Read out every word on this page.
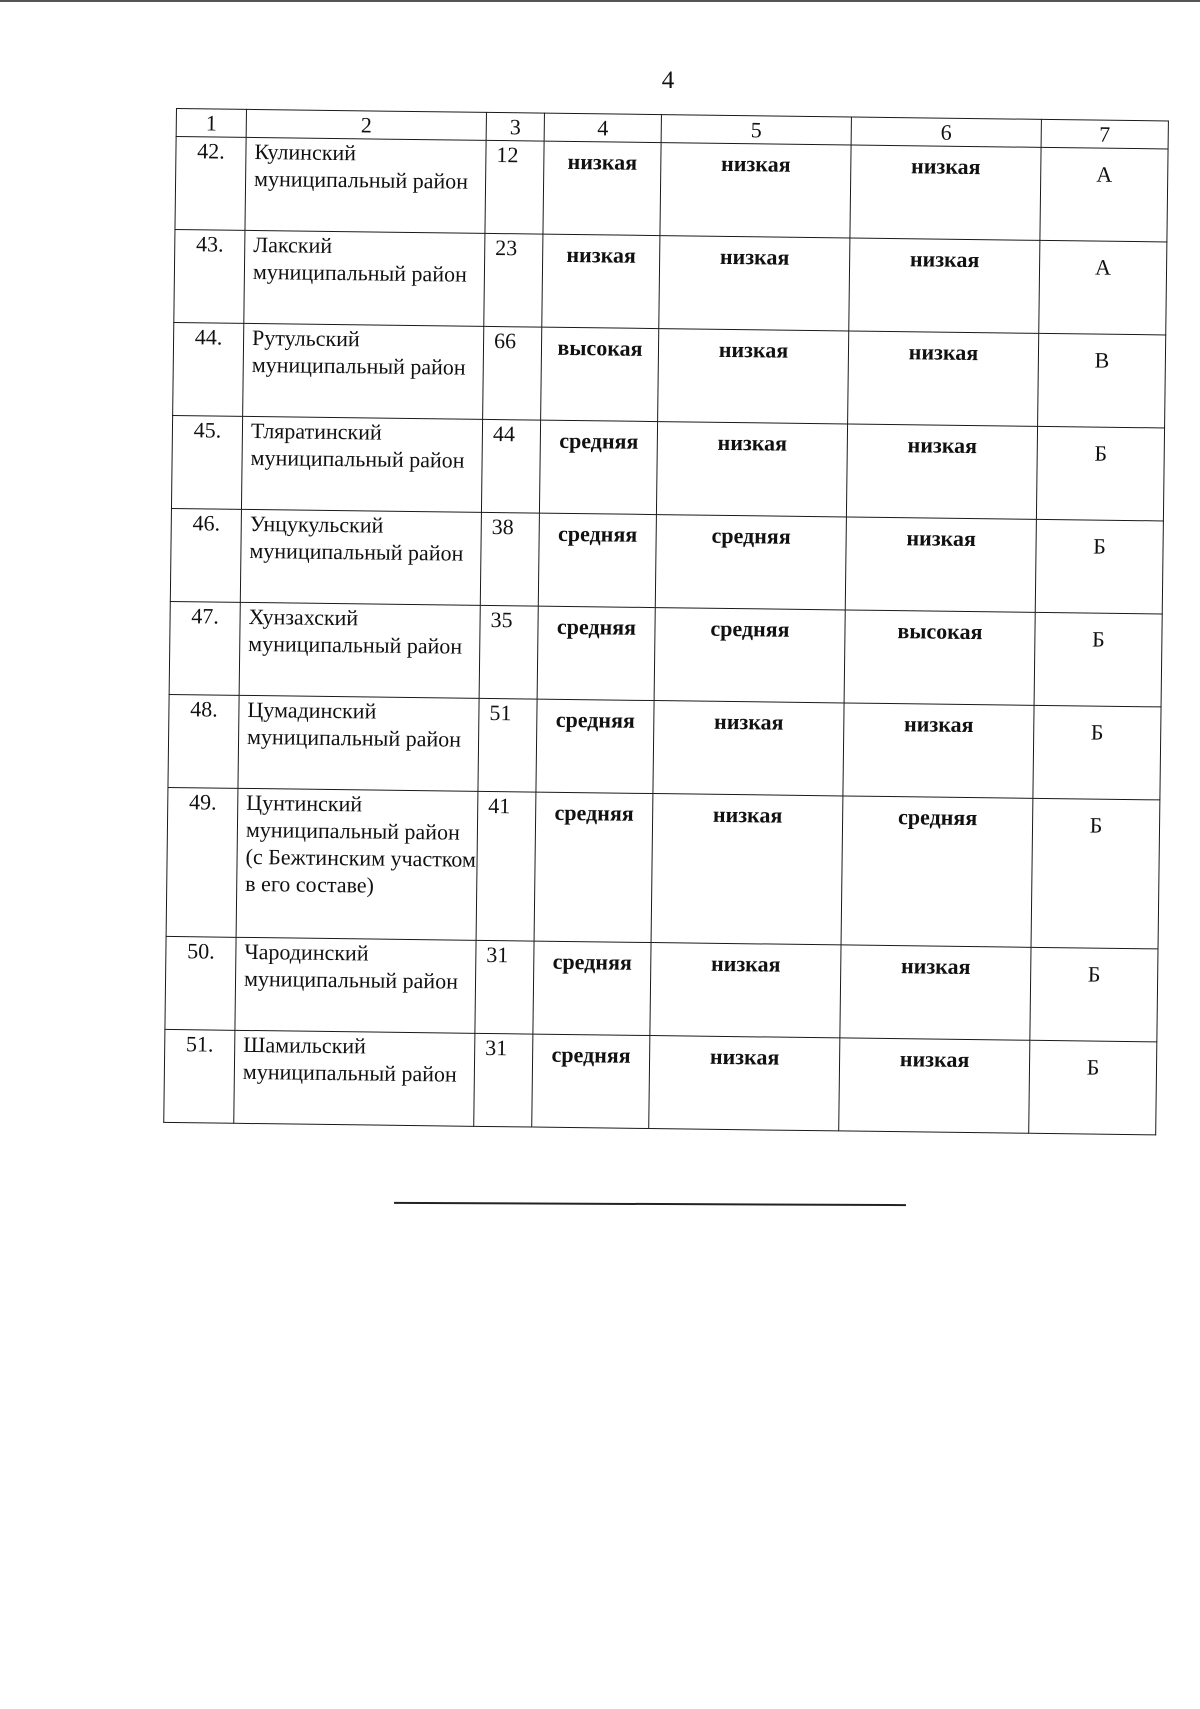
4
1	2	3	4	5	6	7
42.	Кулинский муниципальный район	12	низкая	низкая	низкая	А
43.	Лакский муниципальный район	23	низкая	низкая	низкая	А
44.	Рутульский муниципальный район	66	высокая	низкая	низкая	В
45.	Тляратинский муниципальный район	44	средняя	низкая	низкая	Б
46.	Унцукульский муниципальный район	38	средняя	средняя	низкая	Б
47.	Хунзахский муниципальный район	35	средняя	средняя	высокая	Б
48.	Цумадинский муниципальный район	51	средняя	низкая	низкая	Б
49.	Цунтинский муниципальный район (с Бежтинским участком в его составе)	41	средняя	низкая	средняя	Б
50.	Чародинский муниципальный район	31	средняя	низкая	низкая	Б
51.	Шамильский муниципальный район	31	средняя	низкая	низкая	Б
